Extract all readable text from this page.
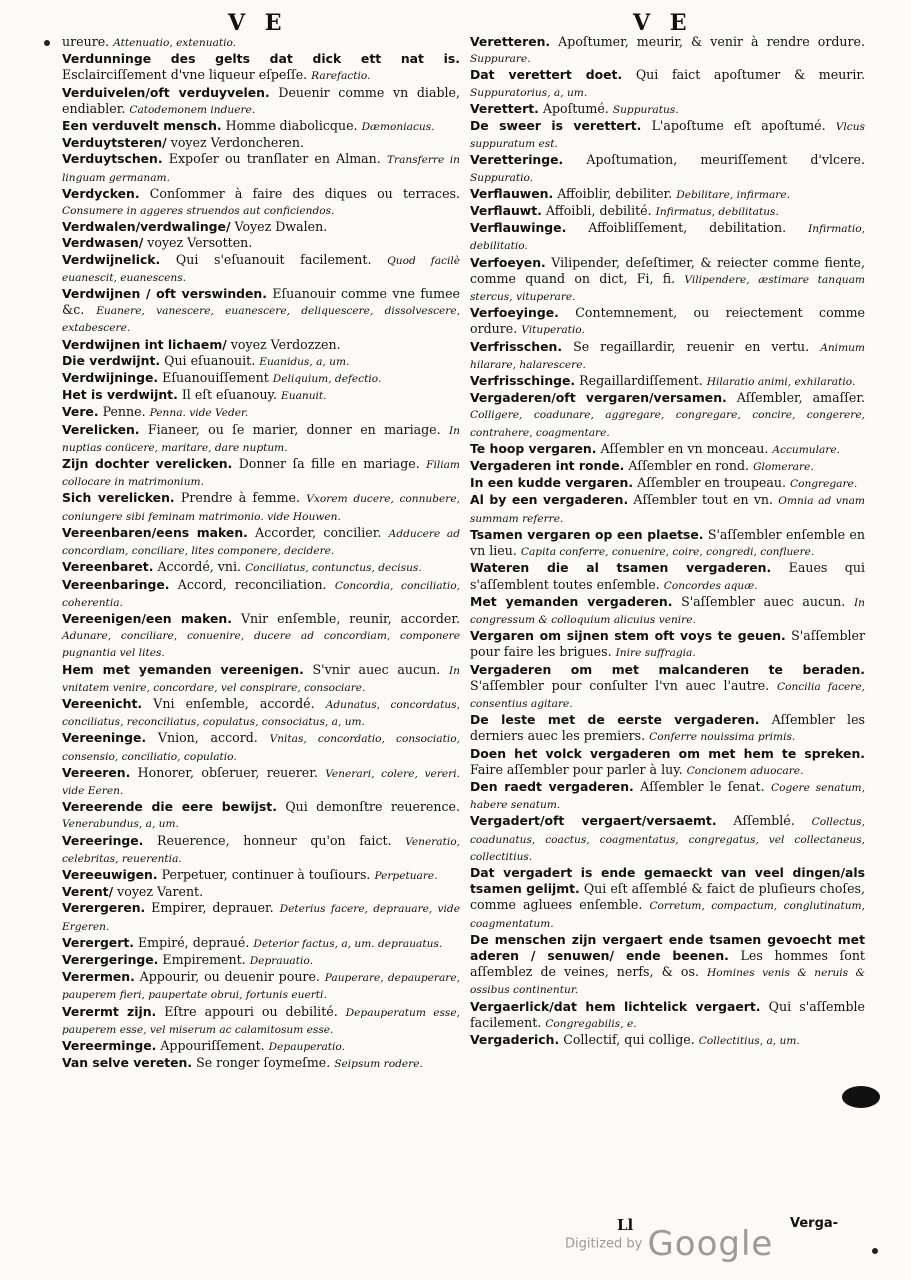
V E	V E

ureure. Attenuatio, extenuatio.

Verdunninge des gelts dat dick ett nat is. Esclairciſſement d'vne liqueur eſpeſſe. Rarefactio.

Verduivelen/oft verduyvelen. Deuenir comme vn diable, endiabler. Catodemonem induere.

Een verduvelt mensch. Homme diabolicque. Dæmoniacus.

Verduytsteren/ voyez Verdoncheren.

Verduytschen. Expoſer ou tranſlater en Alman. Transferre in linguam germanam.

Verdycken. Conſommer à faire des diques ou terraces. Consumere in aggeres struendos aut conficiendos.

Verdwalen/verdwalinge/ Voyez Dwalen.

Verdwasen/ voyez Versotten.

Verdwijnelick. Qui s'eſuanouit facilement. Quod facilè euanescit, euanescens.

Verdwijnen / oft verswinden. Eſuanouir comme vne fumee &c. Euanere, vanescere, euanescere, deliquescere, dissolvescere, extabescere.

Verdwijnen int lichaem/ voyez Verdozzen.

Die verdwijnt. Qui eſuanouit. Euanidus, a, um.

Verdwijninge. Eſuanouiſſement Deliquium, defectio.

Het is verdwijnt. Il eſt eſuanouy. Euanuit.

Vere. Penne. Penna. vide Veder.

Verelicken. Fianeer, ou ſe marier, donner en mariage. In nuptias conücere, maritare, dare nuptum.

Zijn dochter verelicken. Donner ſa fille en mariage. Filiam collocare in matrimonium.

Sich verelicken. Prendre à femme. Vxorem ducere, connubere, coniungere sibi feminam matrimonio. vide Houwen.

Vereenbaren/eens maken. Accorder, concilier. Adducere ad concordiam, conciliare, lites componere, decidere.

Vereenbaret. Accordé, vni. Conciliatus, contunctus, decisus.

Vereenbaringe. Accord, reconciliation. Concordia, conciliatio, coherentia.

Vereenigen/een maken. Vnir enſemble, reunir, accorder. Adunare, conciliare, conuenire, ducere ad concordiam, componere pugnantia vel lites.

Hem met yemanden vereenigen. S'vnir auec aucun. In vnitatem venire, concordare, vel conspirare, consociare.

Vereenicht. Vni enſemble, accordé. Adunatus, concordatus, conciliatus, reconciliatus, copulatus, consociatus, a, um.

Vereeninge. Vnion, accord. Vnitas, concordatio, consociatio, consensio, conciliatio, copulatio.

Vereeren. Honorer, obſeruer, reuerer. Venerari, colere, vereri. vide Eeren.

Vereerende die eere bewijst. Qui demonſtre reuerence. Venerabundus, a, um.

Vereeringe. Reuerence, honneur qu'on faict. Veneratio, celebritas, reuerentia.

Vereeuwigen. Perpetuer, continuer à touſiours. Perpetuare.

Verent/ voyez Varent.

Verergeren. Empirer, deprauer. Deterius facere, deprauare, vide Ergeren.

Verergert. Empiré, depraué. Deterior factus, a, um. deprauatus.

Verergeringe. Empirement. Deprauatio.

Verermen. Appourir, ou deuenir poure. Pauperare, depauperare, pauperem fieri, paupertate obrui, fortunis euerti.

Verermt zijn. Eſtre appouri ou debilité. Depauperatum esse, pauperem esse, vel miserum ac calamitosum esse.

Vereerminge. Appouriſſement. Depauperatio.

Van selve vereten. Se ronger ſoymeſme. Seipsum rodere.

Veretteren. Apoſtumer, meurir, & venir à rendre ordure. Suppurare.

Dat verettert doet. Qui faict apoſtumer & meurir. Suppuratorius, a, um.

Verettert. Apoſtumé. Suppuratus.

De sweer is verettert. L'apoſtume eſt apoſtumé. Vlcus suppuratum est.

Veretteringe. Apoſtumation, meuriſſement d'vlcere. Suppuratio.

Verflauwen. Affoiblir, debiliter. Debilitare, infirmare.

Verflauwt. Affoibli, debilité. Infirmatus, debilitatus.

Verflauwinge. Affoibliſſement, debilitation. Infirmatio, debilitatio.

Verfoeyen. Vilipender, deſeſtimer, & reiecter comme fiente, comme quand on dict, Fi, fi. Vilipendere, æstimare tanquam stercus, vituperare.

Verfoeyinge. Contemnement, ou reiectement comme ordure. Vituperatio.

Verfrisschen. Se regaillardir, reuenir en vertu. Animum hilarare, halarescere.

Verfrisschinge. Regaillardiſſement. Hilaratio animi, exhilaratio.

Vergaderen/oft vergaren/versamen. Aſſembler, amaſſer. Colligere, coadunare, aggregare, congregare, concire, congerere, contrahere, coagmentare.

Te hoop vergaren. Aſſembler en vn monceau. Accumulare.

Vergaderen int ronde. Aſſembler en rond. Glomerare.

In een kudde vergaren. Aſſembler en troupeau. Congregare.

Al by een vergaderen. Aſſembler tout en vn. Omnia ad vnam summam referre.

Tsamen vergaren op een plaetse. S'aſſembler enſemble en vn lieu. Capita conferre, conuenire, coire, congredi, confluere.

Wateren die al tsamen vergaderen. Eaues qui s'aſſemblent toutes enſemble. Concordes aquæ.

Met yemanden vergaderen. S'aſſembler auec aucun. In congressum & colloquium alicuius venire.

Vergaren om sijnen stem oft voys te geuen. S'aſſembler pour faire les brigues. Inire suffragia.

Vergaderen om met malcanderen te beraden. S'aſſembler pour conſulter l'vn auec l'autre. Concilia facere, consentius agitare.

De leste met de eerste vergaderen. Aſſembler les derniers auec les premiers. Conferre nouissima primis.

Doen het volck vergaderen om met hem te spreken. Faire aſſembler pour parler à luy. Concionem aduocare.

Den raedt vergaderen. Aſſembler le ſenat. Cogere senatum, habere senatum.

Vergadert/oft vergaert/versaemt. Aſſemblé. Collectus, coadunatus, coactus, coagmentatus, congregatus, vel collectaneus, collectitius.

Dat vergadert is ende gemaeckt van veel dingen/als tsamen gelijmt. Qui eſt aſſemblé & faict de pluſieurs choſes, comme agluees enſemble. Corretum, compactum, conglutinatum, coagmentatum.

De menschen zijn vergaert ende tsamen gevoecht met aderen / senuwen/ ende beenen. Les hommes ſont aſſemblez de veines, nerfs, & os. Homines venis & neruis & ossibus continentur.

Vergaerlick/dat hem lichtelick vergaert. Qui s'aſſemble facilement. Congregabilis, e.

Vergaderich. Collectif, qui collige. Collectitius, a, um.

Ll	Verga-
Digitized by Google
